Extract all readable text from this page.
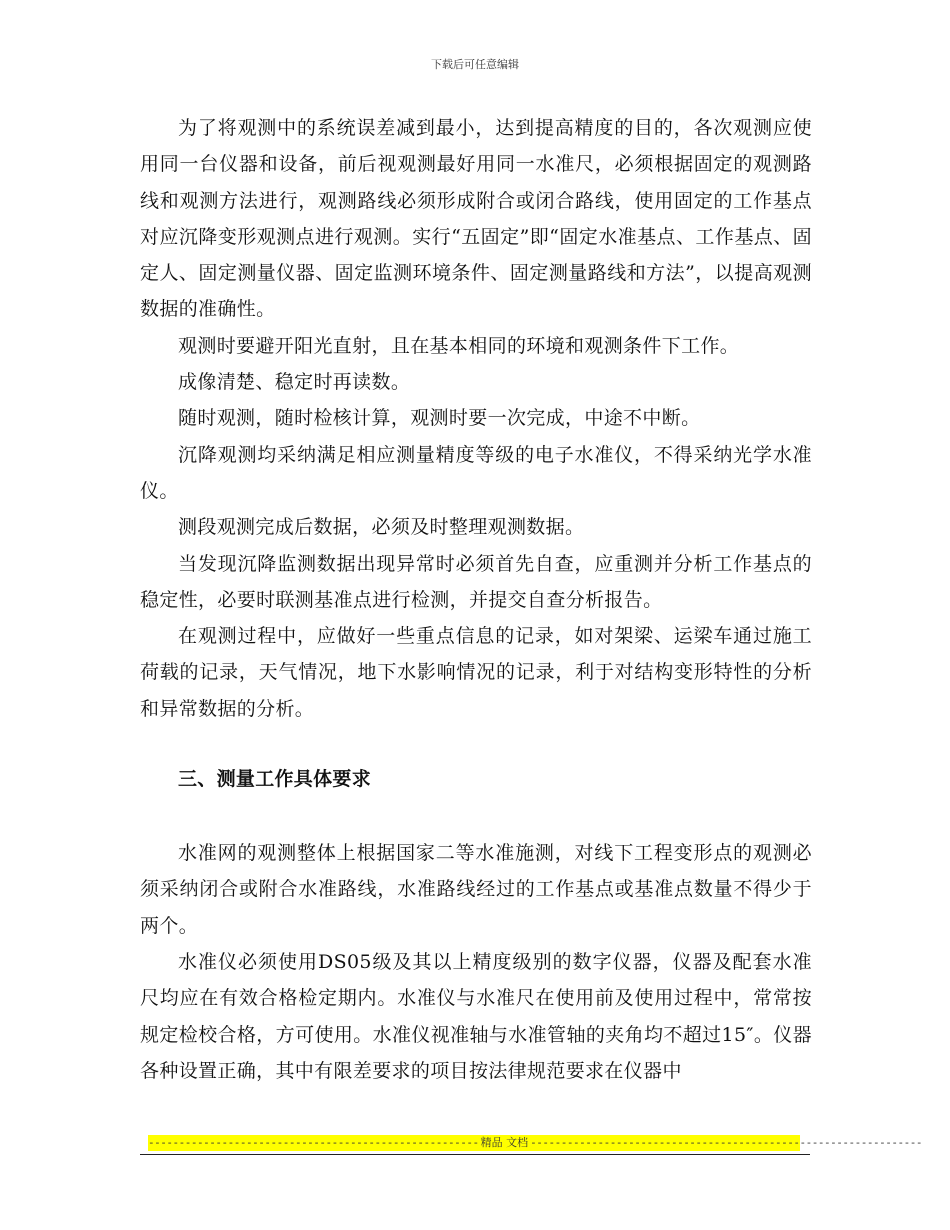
下载后可任意编辑

为了将观测中的系统误差减到最小，达到提高精度的目的，各次观测应使用同一台仪器和设备，前后视观测最好用同一水准尺，必须根据固定的观测路线和观测方法进行，观测路线必须形成附合或闭合路线，使用固定的工作基点对应沉降变形观测点进行观测。实行“五固定”即“固定水准基点、工作基点、固定人、固定测量仪器、固定监测环境条件、固定测量路线和方法”，以提高观测数据的准确性。

观测时要避开阳光直射，且在基本相同的环境和观测条件下工作。

成像清楚、稳定时再读数。

随时观测，随时检核计算，观测时要一次完成，中途不中断。

沉降观测均采纳满足相应测量精度等级的电子水准仪，不得采纳光学水准仪。

测段观测完成后数据，必须及时整理观测数据。

当发现沉降监测数据出现异常时必须首先自查，应重测并分析工作基点的稳定性，必要时联测基准点进行检测，并提交自查分析报告。

在观测过程中，应做好一些重点信息的记录，如对架梁、运梁车通过施工荷载的记录，天气情况，地下水影响情况的记录，利于对结构变形特性的分析和异常数据的分析。

三、测量工作具体要求

水准网的观测整体上根据国家二等水准施测，对线下工程变形点的观测必须采纳闭合或附合水准路线，水准路线经过的工作基点或基准点数量不得少于两个。

水准仪必须使用DS05级及其以上精度级别的数字仪器，仪器及配套水准尺均应在有效合格检定期内。水准仪与水准尺在使用前及使用过程中，常常按规定检校合格，方可使用。水准仪视准轴与水准管轴的夹角均不超过15″。仪器各种设置正确，其中有限差要求的项目按法律规范要求在仪器中

------------------------------------------------------ 精品 文档 ----------------------------------------------------------------
